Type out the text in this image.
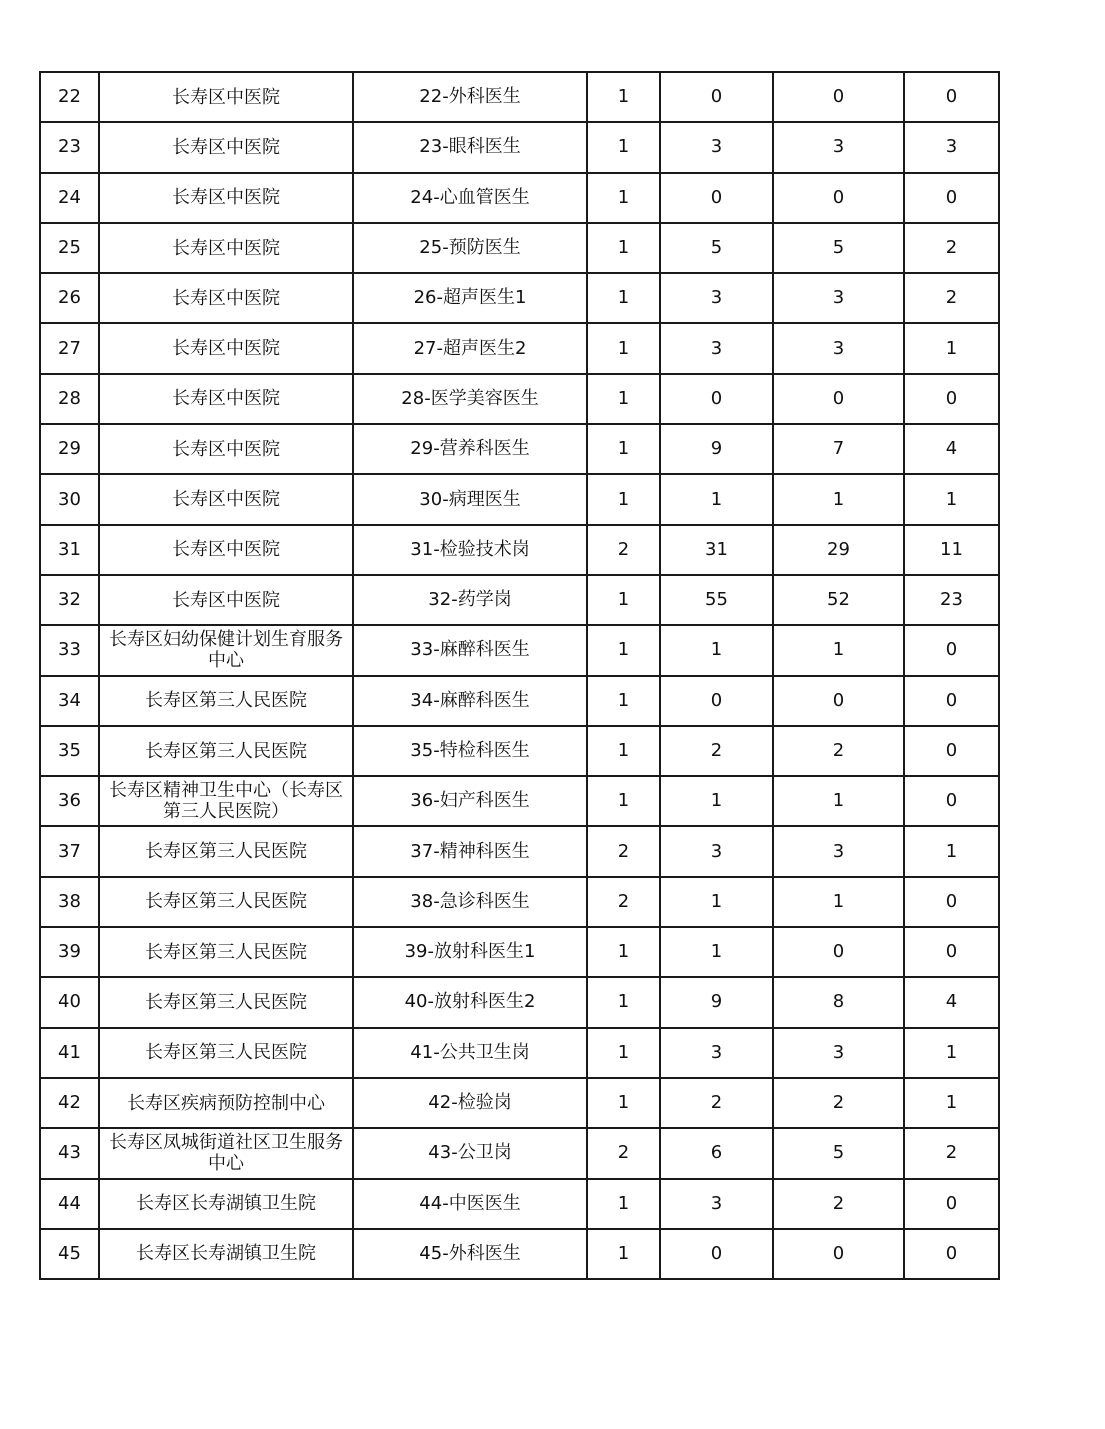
22	长寿区中医院	22-外科医生	1	0	0	0
23	长寿区中医院	23-眼科医生	1	3	3	3
24	长寿区中医院	24-心血管医生	1	0	0	0
25	长寿区中医院	25-预防医生	1	5	5	2
26	长寿区中医院	26-超声医生1	1	3	3	2
27	长寿区中医院	27-超声医生2	1	3	3	1
28	长寿区中医院	28-医学美容医生	1	0	0	0
29	长寿区中医院	29-营养科医生	1	9	7	4
30	长寿区中医院	30-病理医生	1	1	1	1
31	长寿区中医院	31-检验技术岗	2	31	29	11
32	长寿区中医院	32-药学岗	1	55	52	23
33	长寿区妇幼保健计划生育服务中心	33-麻醉科医生	1	1	1	0
34	长寿区第三人民医院	34-麻醉科医生	1	0	0	0
35	长寿区第三人民医院	35-特检科医生	1	2	2	0
36	长寿区精神卫生中心（长寿区第三人民医院）	36-妇产科医生	1	1	1	0
37	长寿区第三人民医院	37-精神科医生	2	3	3	1
38	长寿区第三人民医院	38-急诊科医生	2	1	1	0
39	长寿区第三人民医院	39-放射科医生1	1	1	0	0
40	长寿区第三人民医院	40-放射科医生2	1	9	8	4
41	长寿区第三人民医院	41-公共卫生岗	1	3	3	1
42	长寿区疾病预防控制中心	42-检验岗	1	2	2	1
43	长寿区凤城街道社区卫生服务中心	43-公卫岗	2	6	5	2
44	长寿区长寿湖镇卫生院	44-中医医生	1	3	2	0
45	长寿区长寿湖镇卫生院	45-外科医生	1	0	0	0
